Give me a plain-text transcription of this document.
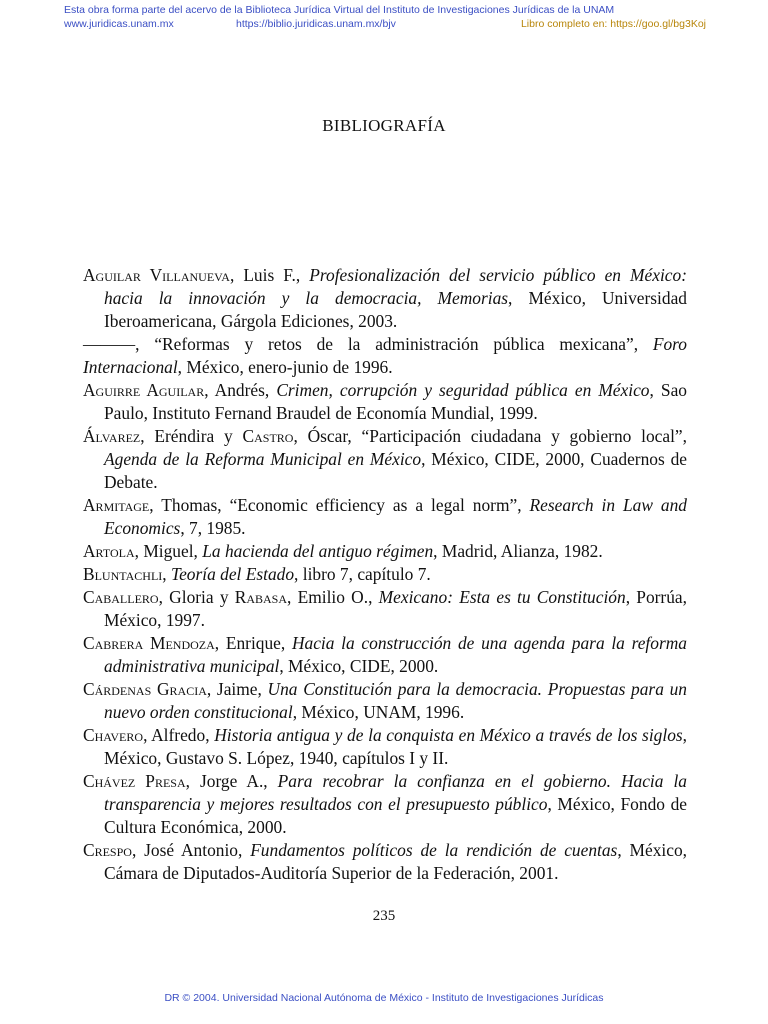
Esta obra forma parte del acervo de la Biblioteca Jurídica Virtual del Instituto de Investigaciones Jurídicas de la UNAM
www.juridicas.unam.mx	https://biblio.juridicas.unam.mx/bjv	Libro completo en: https://goo.gl/bg3Koj
BIBLIOGRAFÍA
Aguilar Villanueva, Luis F., Profesionalización del servicio público en México: hacia la innovación y la democracia, Memorias, México, Universidad Iberoamericana, Gárgola Ediciones, 2003.
———, “Reformas y retos de la administración pública mexicana”, Foro Internacional, México, enero-junio de 1996.
Aguirre Aguilar, Andrés, Crimen, corrupción y seguridad pública en México, Sao Paulo, Instituto Fernand Braudel de Economía Mundial, 1999.
Álvarez, Eréndira y Castro, Óscar, “Participación ciudadana y gobierno local”, Agenda de la Reforma Municipal en México, México, CIDE, 2000, Cuadernos de Debate.
Armitage, Thomas, “Economic efficiency as a legal norm”, Research in Law and Economics, 7, 1985.
Artola, Miguel, La hacienda del antiguo régimen, Madrid, Alianza, 1982.
Bluntachli, Teoría del Estado, libro 7, capítulo 7.
Caballero, Gloria y Rabasa, Emilio O., Mexicano: Esta es tu Constitución, Porrúa, México, 1997.
Cabrera Mendoza, Enrique, Hacia la construcción de una agenda para la reforma administrativa municipal, México, CIDE, 2000.
Cárdenas Gracia, Jaime, Una Constitución para la democracia. Propuestas para un nuevo orden constitucional, México, UNAM, 1996.
Chavero, Alfredo, Historia antigua y de la conquista en México a través de los siglos, México, Gustavo S. López, 1940, capítulos I y II.
Chávez Presa, Jorge A., Para recobrar la confianza en el gobierno. Hacia la transparencia y mejores resultados con el presupuesto público, México, Fondo de Cultura Económica, 2000.
Crespo, José Antonio, Fundamentos políticos de la rendición de cuentas, México, Cámara de Diputados-Auditoría Superior de la Federación, 2001.
235
DR © 2004. Universidad Nacional Autónoma de México - Instituto de Investigaciones Jurídicas
